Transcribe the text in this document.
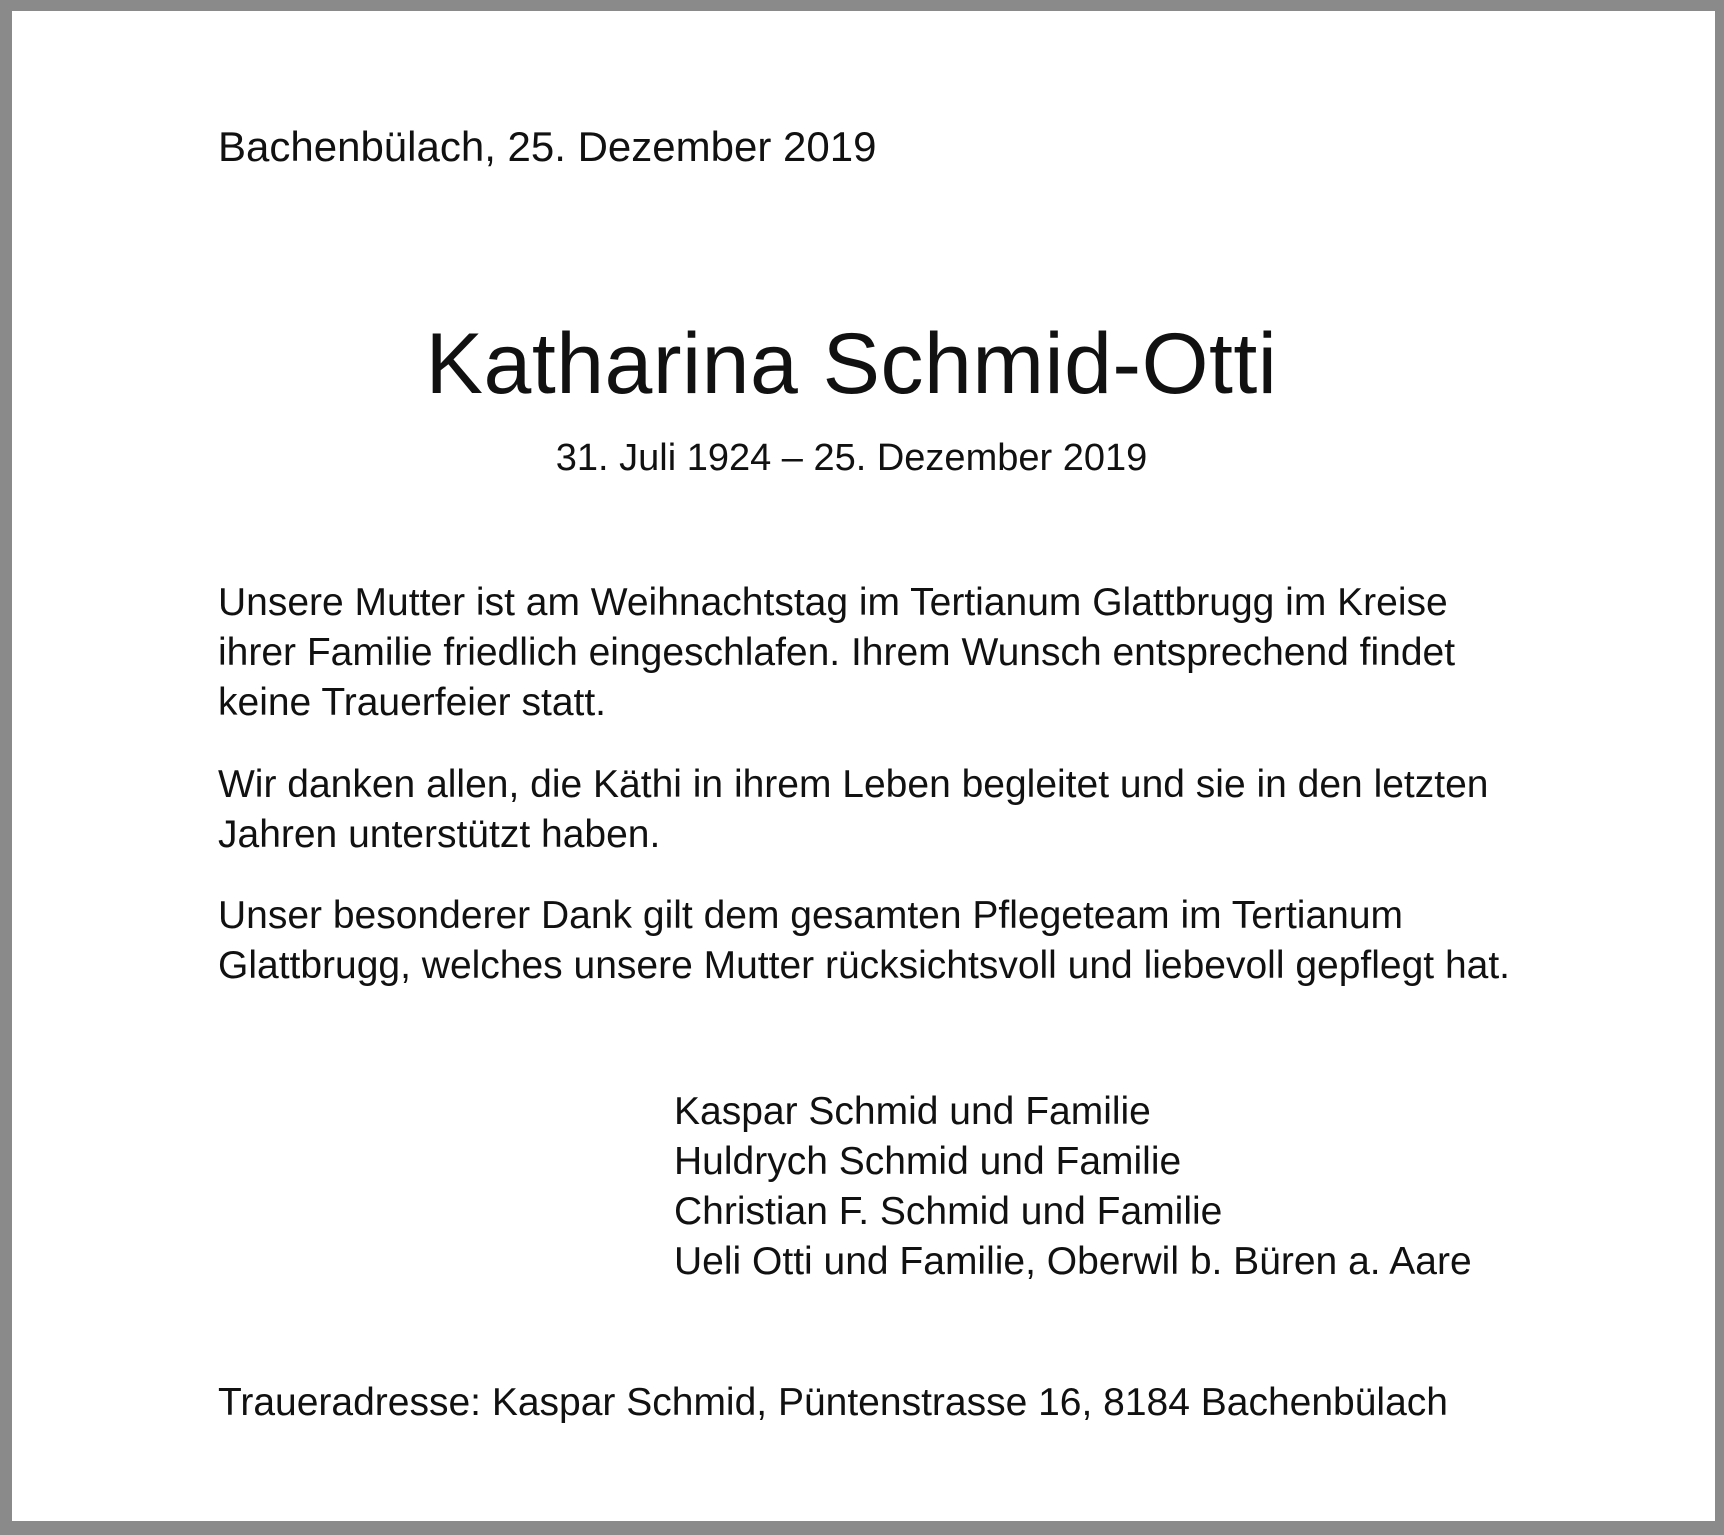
Bachenbülach, 25. Dezember 2019

Katharina Schmid-Otti

31. Juli 1924 – 25. Dezember 2019

Unsere Mutter ist am Weihnachtstag im Tertianum Glattbrugg im Kreise
ihrer Familie friedlich eingeschlafen. Ihrem Wunsch entsprechend findet
keine Trauerfeier statt.

Wir danken allen, die Käthi in ihrem Leben begleitet und sie in den letzten
Jahren unterstützt haben.

Unser besonderer Dank gilt dem gesamten Pflegeteam im Tertianum
Glattbrugg, welches unsere Mutter rücksichtsvoll und liebevoll gepflegt hat.

Kaspar Schmid und Familie
Huldrych Schmid und Familie
Christian F. Schmid und Familie
Ueli Otti und Familie, Oberwil b. Büren a. Aare

Traueradresse: Kaspar Schmid, Püntenstrasse 16, 8184 Bachenbülach
